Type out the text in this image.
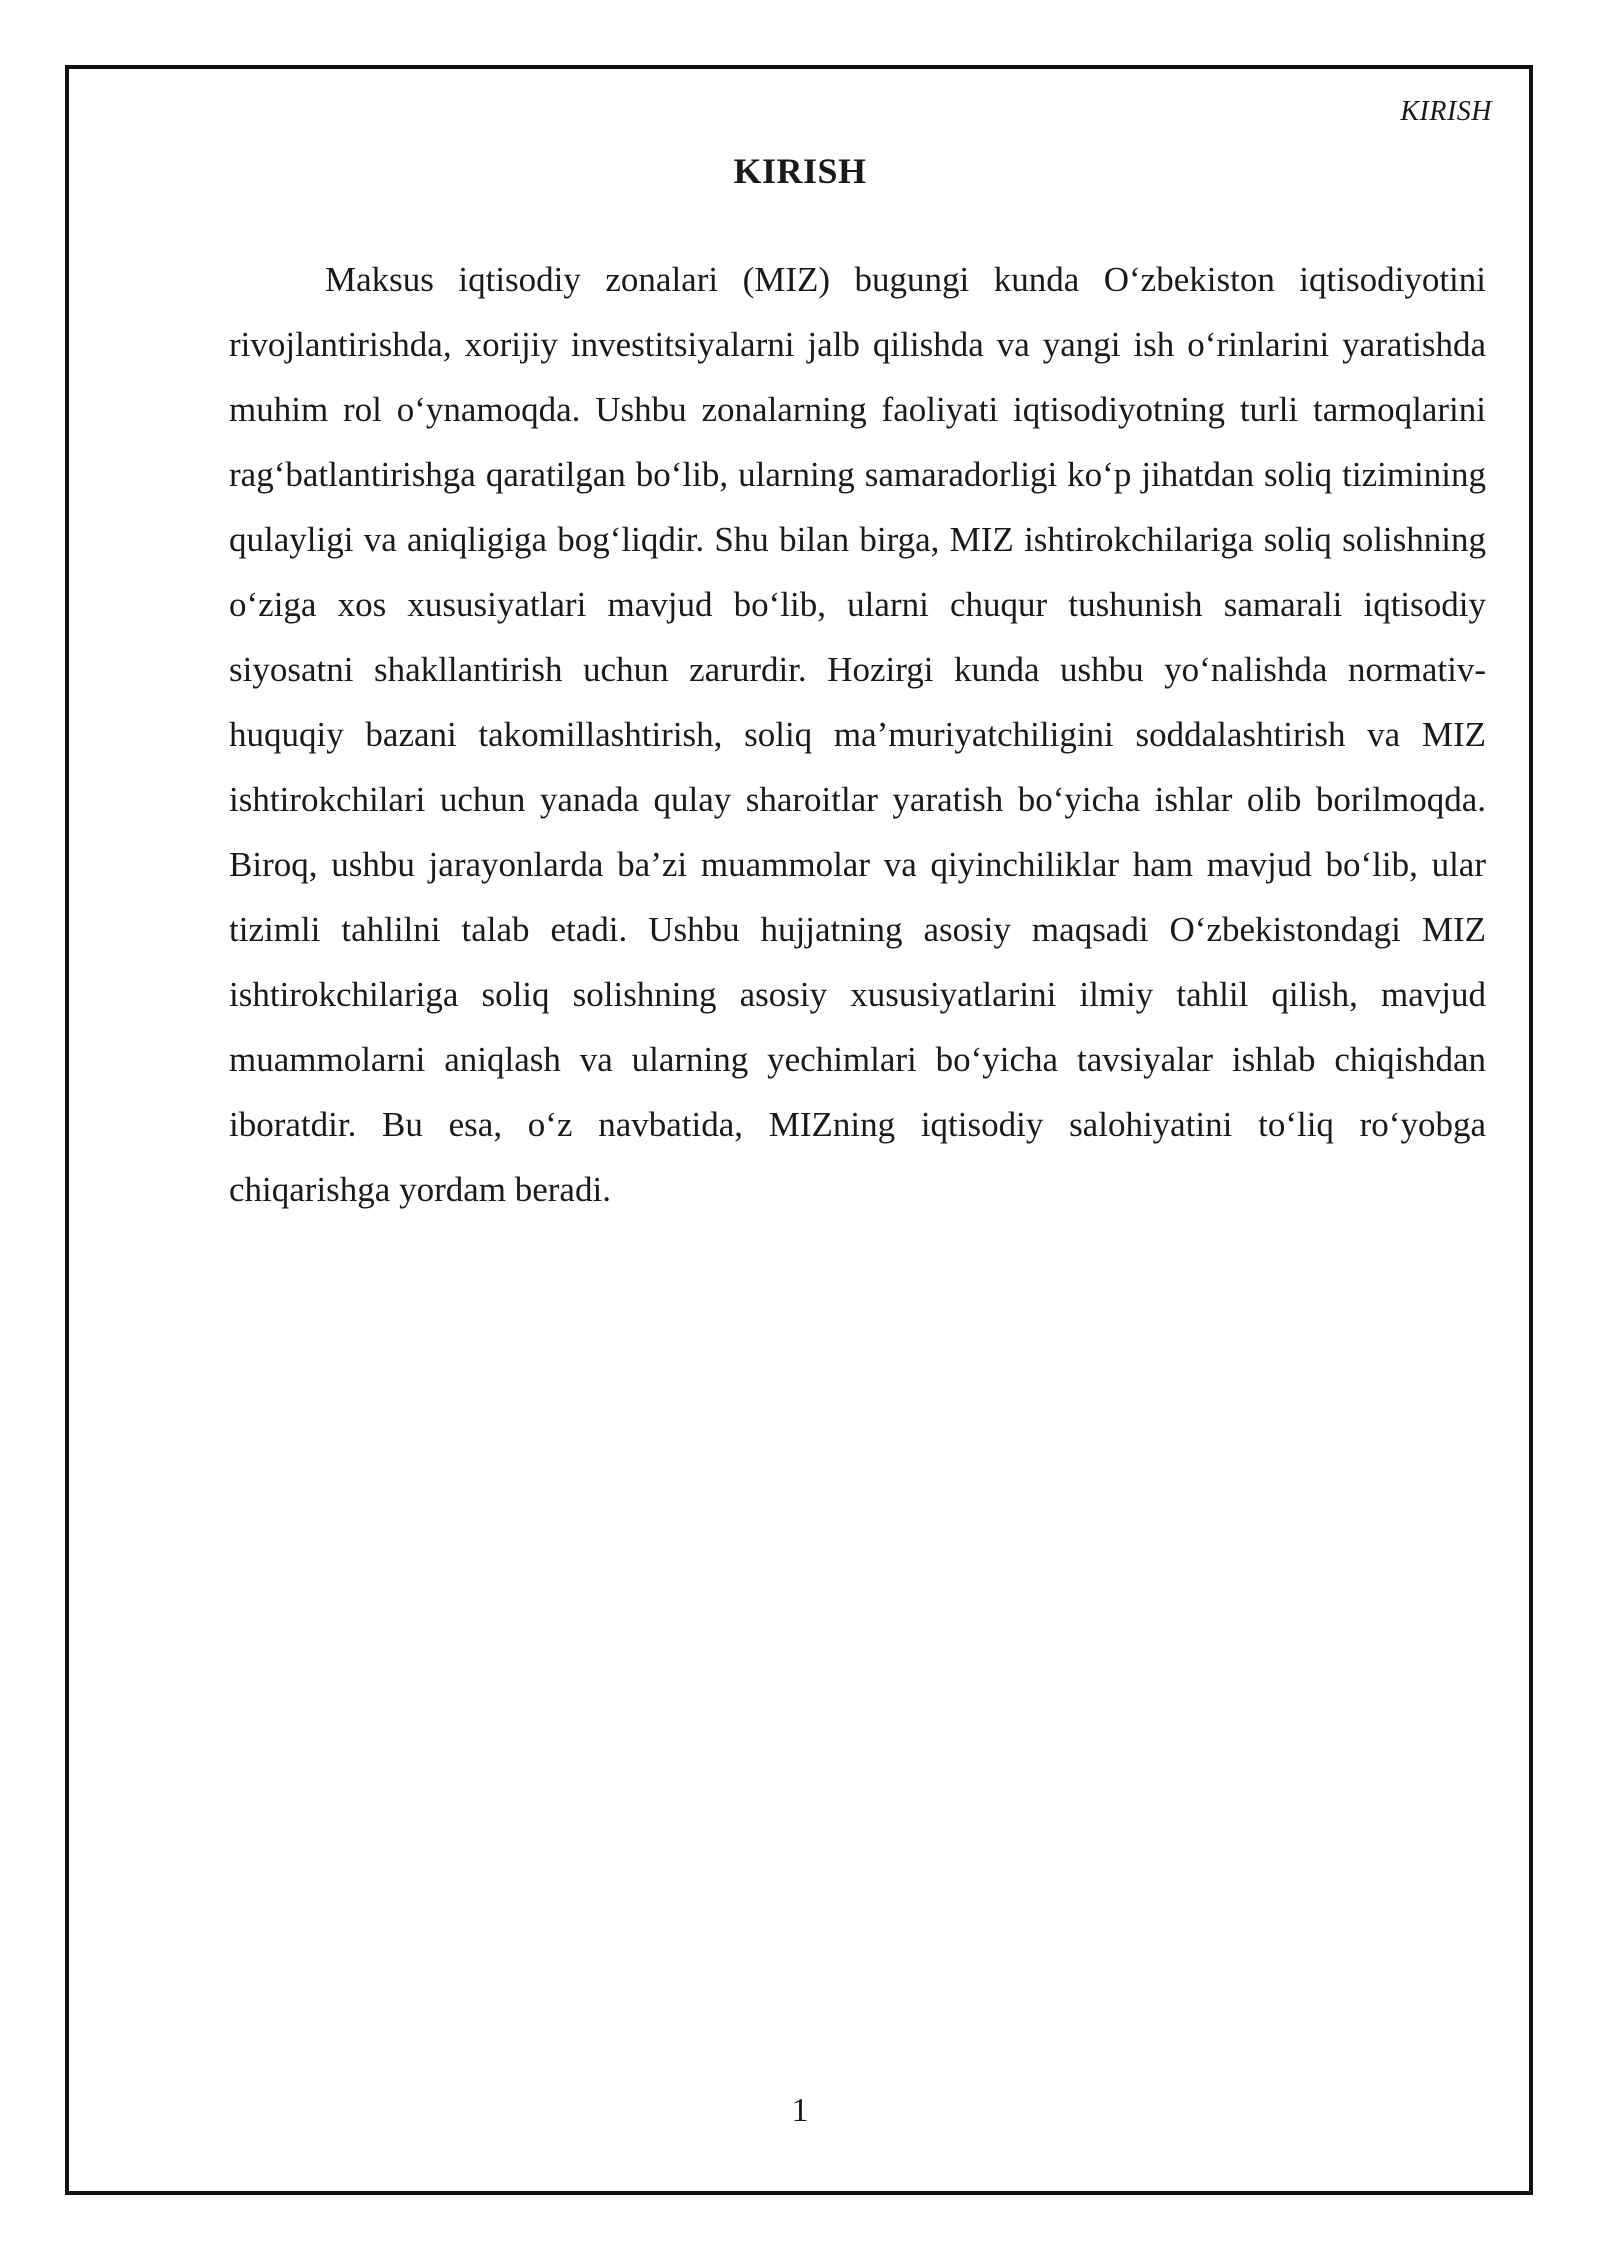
KIRISH
KIRISH

Maksus iqtisodiy zonalari (MIZ) bugungi kunda O‘zbekiston iqtisodiyotini rivojlantirishda, xorijiy investitsiyalarni jalb qilishda va yangi ish o‘rinlarini yaratishda muhim rol o‘ynamoqda. Ushbu zonalarning faoliyati iqtisodiyotning turli tarmoqlarini rag‘batlantirishga qaratilgan bo‘lib, ularning samaradorligi ko‘p jihatdan soliq tizimining qulayligi va aniqligiga bog‘liqdir. Shu bilan birga, MIZ ishtirokchilariga soliq solishning o‘ziga xos xususiyatlari mavjud bo‘lib, ularni chuqur tushunish samarali iqtisodiy siyosatni shakllantirish uchun zarurdir. Hozirgi kunda ushbu yo‘nalishda normativ-huquqiy bazani takomillashtirish, soliq ma’muriyatchiligini soddalashtirish va MIZ ishtirokchilari uchun yanada qulay sharoitlar yaratish bo‘yicha ishlar olib borilmoqda. Biroq, ushbu jarayonlarda ba’zi muammolar va qiyinchiliklar ham mavjud bo‘lib, ular tizimli tahlilni talab etadi. Ushbu hujjatning asosiy maqsadi O‘zbekistondagi MIZ ishtirokchilariga soliq solishning asosiy xususiyatlarini ilmiy tahlil qilish, mavjud muammolarni aniqlash va ularning yechimlari bo‘yicha tavsiyalar ishlab chiqishdan iboratdir. Bu esa, o‘z navbatida, MIZning iqtisodiy salohiyatini to‘liq ro‘yobga chiqarishga yordam beradi.

1
